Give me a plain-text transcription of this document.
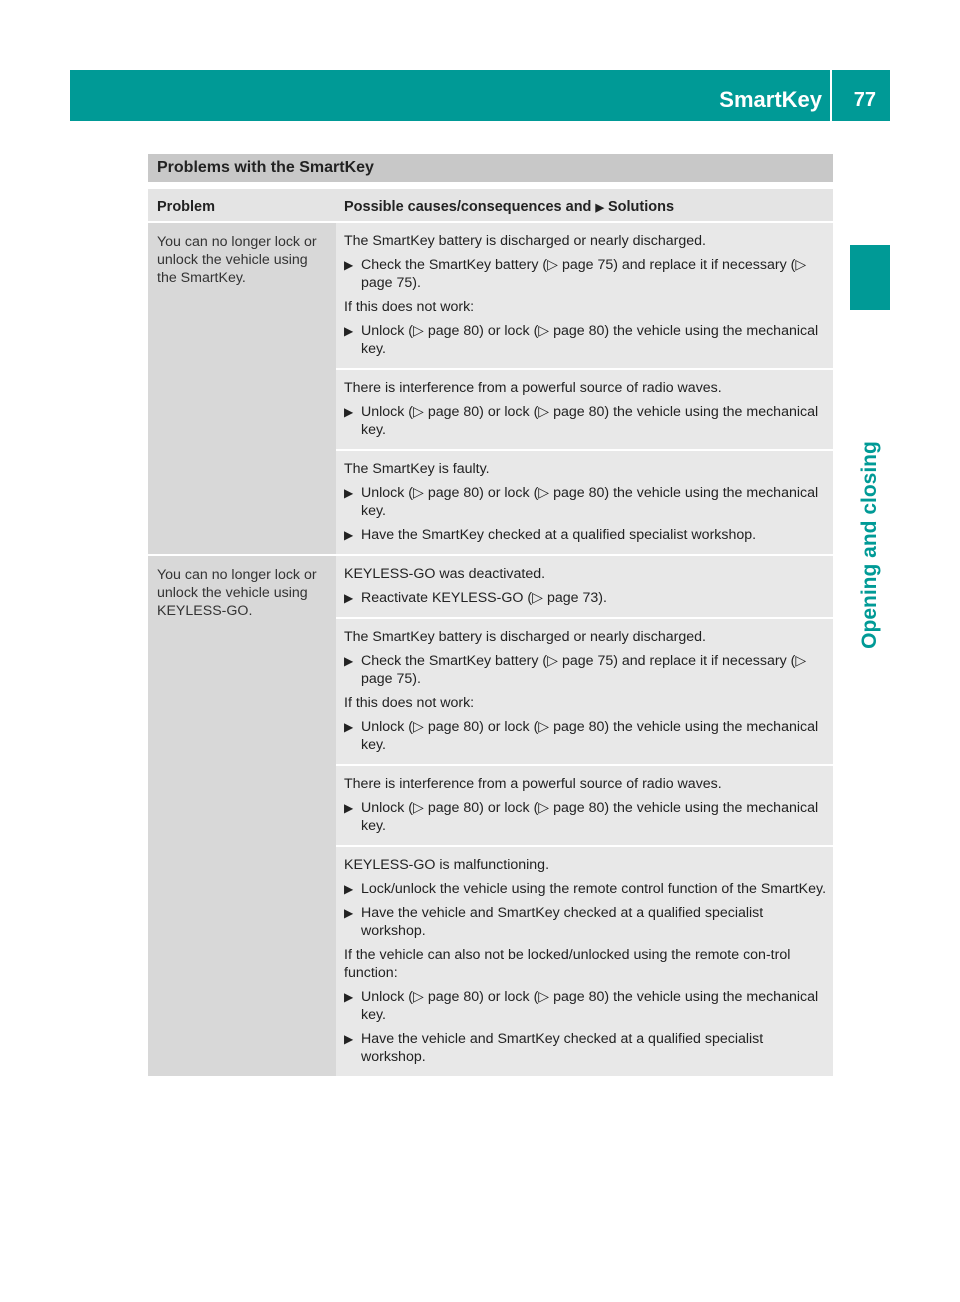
SmartKey 77
Opening and closing
Problems with the SmartKey
Problem	Possible causes/consequences and ▶ Solutions
You can no longer lock or unlock the vehicle using the SmartKey.
The SmartKey battery is discharged or nearly discharged.
▶ Check the SmartKey battery (▷ page 75) and replace it if necessary (▷ page 75).
If this does not work:
▶ Unlock (▷ page 80) or lock (▷ page 80) the vehicle using the mechanical key.
There is interference from a powerful source of radio waves.
▶ Unlock (▷ page 80) or lock (▷ page 80) the vehicle using the mechanical key.
The SmartKey is faulty.
▶ Unlock (▷ page 80) or lock (▷ page 80) the vehicle using the mechanical key.
▶ Have the SmartKey checked at a qualified specialist workshop.
You can no longer lock or unlock the vehicle using KEYLESS-GO.
KEYLESS-GO was deactivated.
▶ Reactivate KEYLESS-GO (▷ page 73).
The SmartKey battery is discharged or nearly discharged.
▶ Check the SmartKey battery (▷ page 75) and replace it if necessary (▷ page 75).
If this does not work:
▶ Unlock (▷ page 80) or lock (▷ page 80) the vehicle using the mechanical key.
There is interference from a powerful source of radio waves.
▶ Unlock (▷ page 80) or lock (▷ page 80) the vehicle using the mechanical key.
KEYLESS-GO is malfunctioning.
▶ Lock/unlock the vehicle using the remote control function of the SmartKey.
▶ Have the vehicle and SmartKey checked at a qualified specialist workshop.
If the vehicle can also not be locked/unlocked using the remote con-trol function:
▶ Unlock (▷ page 80) or lock (▷ page 80) the vehicle using the mechanical key.
▶ Have the vehicle and SmartKey checked at a qualified specialist workshop.
